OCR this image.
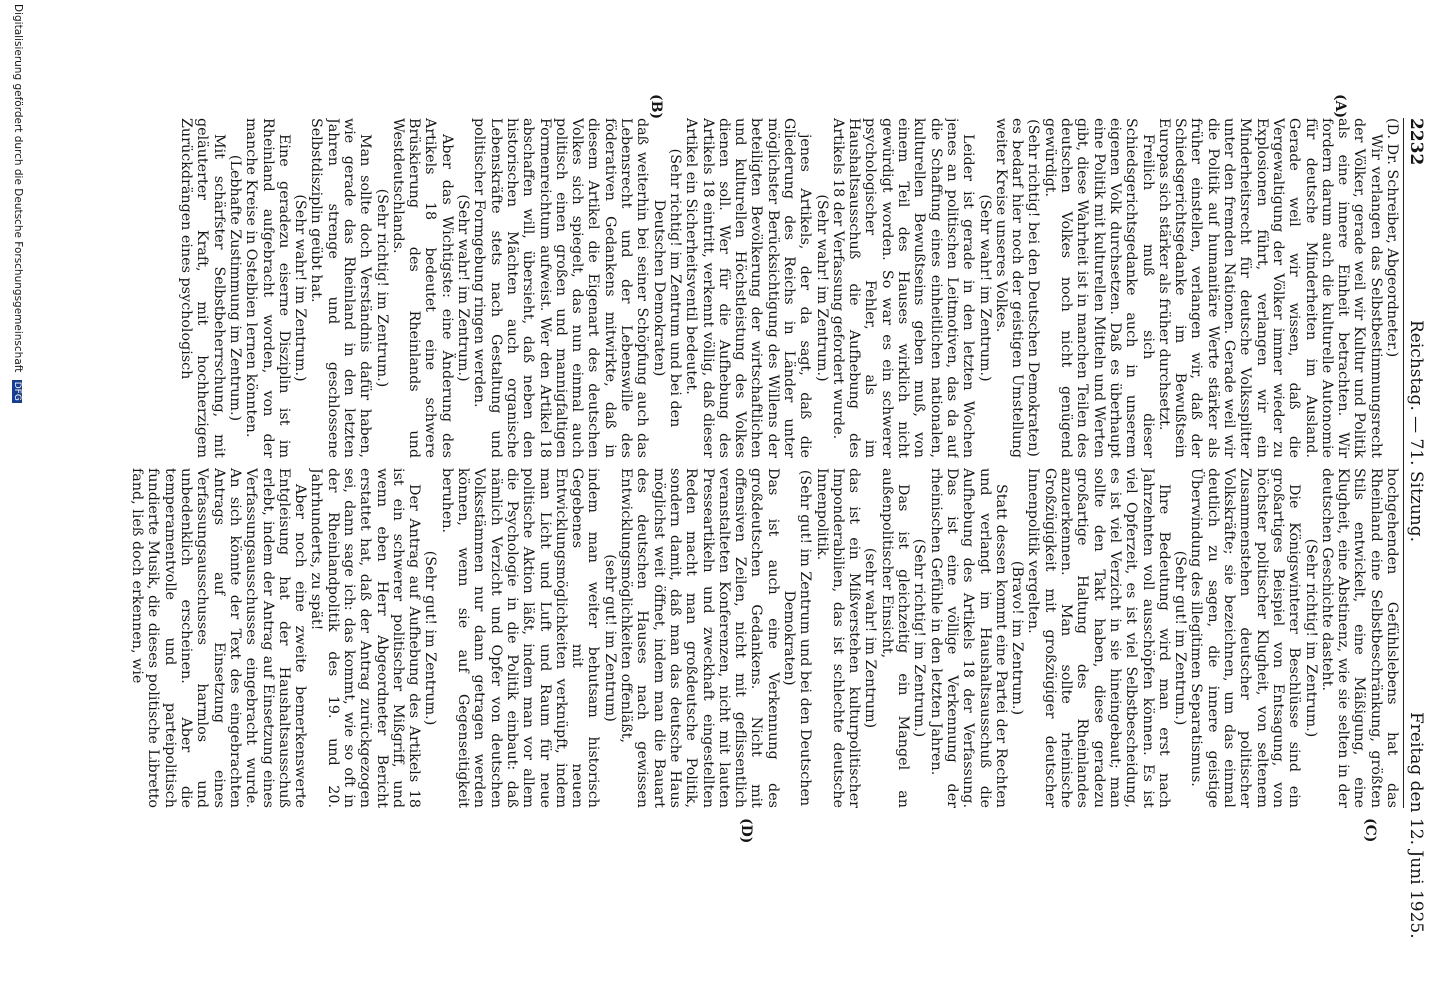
2232
Reichstag. — 71. Sitzung.
Freitag den 12. Juni 1925.
(A)
(B)
(C)
(D)

(D. Dr. Schreiber, Abgeordneter.)

Wir verlangen das Selbstbestimmungsrecht der Völker, gerade weil wir Kultur und Politik als eine innere Einheit betrachten. Wir fordern darum auch die kulturelle Autonomie für deutsche Minderheiten im Ausland. Gerade weil wir wissen, daß die Vergewaltigung der Völker immer wieder zu Explosionen führt, verlangen wir ein Minderheitsrecht für deutsche Volkssplitter unter den fremden Nationen. Gerade weil wir die Politik auf humanitäre Werte stärker als früher einstellen, verlangen wir, daß der Schiedsgerichtsgedanke im Bewußtsein Europas sich stärker als früher durchsetzt.

Freilich muß sich dieser Schiedsgerichtsgedanke auch in unserem eigenen Volk durchsetzen. Daß es überhaupt eine Politik mit kulturellen Mitteln und Werten gibt, diese Wahrheit ist in manchen Teilen des deutschen Volkes noch nicht genügend gewürdigt.

(Sehr richtig! bei den Deutschen Demokraten)

es bedarf hier noch der geistigen Umstellung weiter Kreise unseres Volkes.

(Sehr wahr! im Zentrum.)

Leider ist gerade in den letzten Wochen jenes an politischen Leitmotiven, das da auf die Schaffung eines einheitlichen nationalen, kulturellen Bewußtseins geben muß, von einem Teil des Hauses wirklich nicht gewürdigt worden. So war es ein schwerer psychologischer Fehler, als im Haushaltsausschuß die Aufhebung des Artikels 18 der Verfassung gefordert wurde.

(Sehr wahr! im Zentrum.)

jenes Artikels, der da sagt, daß die Gliederung des Reichs in Länder unter möglichster Berücksichtigung des Willens der beteiligten Bevölkerung der wirtschaftlichen und kulturellen Höchstleistung des Volkes dienen soll. Wer für die Aufhebung des Artikels 18 eintritt, verkennt völlig, daß dieser Artikel ein Sicherheitsventil bedeutet.

(Sehr richtig! im Zentrum und bei den Deutschen Demokraten)

daß weiterhin bei seiner Schöpfung auch das Lebensrecht und der Lebenswille des föderativen Gedankens mitwirkte, daß in diesem Artikel die Eigenart des deutschen Volkes sich spiegelt, das nun einmal auch politisch einen großen und mannigfaltigen Formenreichtum aufweist. Wer den Artikel 18 abschaffen will, übersieht, daß neben den historischen Mächten auch organische Lebenskräfte stets nach Gestaltung und politischer Formgebung ringen werden.

(Sehr wahr! im Zentrum.)

Aber das Wichtigste: eine Änderung des Artikels 18 bedeutet eine schwere Brüskierung des Rheinlands und Westdeutschlands.

(Sehr richtig! im Zentrum.)

Man sollte doch Verständnis dafür haben, wie gerade das Rheinland in den letzten Jahren strenge und geschlossene Selbstdisziplin geübt hat.

(Sehr wahr! im Zentrum.)

Eine geradezu eiserne Disziplin ist im Rheinland aufgebracht worden, von der manche Kreise in Ostelbien lernen könnten.

(Lebhafte Zustimmung im Zentrum.)

Mit schärfster Selbstbeherrschung, mit geläuterter Kraft, mit hochherzigem Zurückdrängen eines psychologisch

hochgehenden Gefühlslebens hat das Rheinland eine Selbstbeschränkung, größten Stils entwickelt, eine Mäßigung, eine Klugheit, eine Abstinenz, wie sie selten in der deutschen Geschichte dasteht.

(Sehr richtig! im Zentrum.)

Die Königswinterer Beschlüsse sind ein großartiges Beispiel von Entsagung, von höchster politischer Klugheit, von seltenem Zusammenstehen deutscher politischer Volkskräfte; sie bezeichnen, um das einmal deutlich zu sagen, die innere geistige Überwindung des illegitimen Separatismus.

(Sehr gut! im Zentrum.)

Ihre Bedeutung wird man erst nach Jahrzehnten voll ausschöpfen können. Es ist viel Opferzeit, es ist viel Selbstbescheidung, es ist viel Verzicht in sie hineingebaut; man sollte den Takt haben, diese geradezu großartige Haltung des Rheinlandes anzuerkennen. Man sollte rheinische Großzügigkeit mit großzügiger deutscher Innenpolitik vergelten.

(Bravo! im Zentrum.)

Statt dessen kommt eine Partei der Rechten und verlangt im Haushaltsausschuß die Aufhebung des Artikels 18 der Verfassung. Das ist eine völlige Verkennung der rheinischen Gefühle in den letzten Jahren.

(Sehr richtig! im Zentrum.)

Das ist gleichzeitig ein Mangel an außenpolitischer Einsicht,

(sehr wahr! im Zentrum)

das ist ein Mißverstehen kulturpolitischer Imponderabilien, das ist schlechte deutsche Innenpolitik.

(Sehr gut! im Zentrum und bei den Deutschen Demokraten)

Das ist auch eine Verkennung des großdeutschen Gedankens. Nicht mit offensiven Zeilen, nicht mit geflissentlich veranstalteten Konferenzen, nicht mit lauten Presseartikeln und zweckhaft eingestellten Reden macht man großdeutsche Politik, sondern damit, daß man das deutsche Haus möglichst weit öffnet, indem man die Bauart des deutschen Hauses nach gewissen Entwicklungsmöglichkeiten offenläßt,

(sehr gut! im Zentrum)

indem man weiter behutsam historisch Gegebenes mit neuen Entwicklungsmöglichkeiten verknüpft, indem man Licht und Luft und Raum für neue politische Aktion läßt, indem man vor allem die Psychologie in die Politik einbaut: daß nämlich Verzicht und Opfer von deutschen Volksstämmen nur dann getragen werden können, wenn sie auf Gegenseitigkeit beruhen.

(Sehr gut! im Zentrum.)

Der Antrag auf Aufhebung des Artikels 18 ist ein schwerer politischer Mißgriff, und wenn eben Herr Abgeordneter Bericht erstattet hat, daß der Antrag zurückgezogen sei, dann sage ich: das kommt, wie so oft in der Rheinlandpolitik des 19. und 20. Jahrhunderts, zu spät!

Aber noch eine zweite bemerkenswerte Entgleisung hat der Haushaltsausschuß erlebt, indem der Antrag auf Einsetzung eines Verfassungsausschusses eingebracht wurde. An sich könnte der Text des eingebrachten Antrags auf Einsetzung eines Verfassungsausschusses harmlos und unbedenklich erscheinen. Aber die temperamentvolle und parteipolitisch fundierte Musik, die dieses politische Libretto fand, ließ doch erkennen, wie

Digitalisierung gefördert durch die Deutsche Forschungsgemeinschaft DFG
